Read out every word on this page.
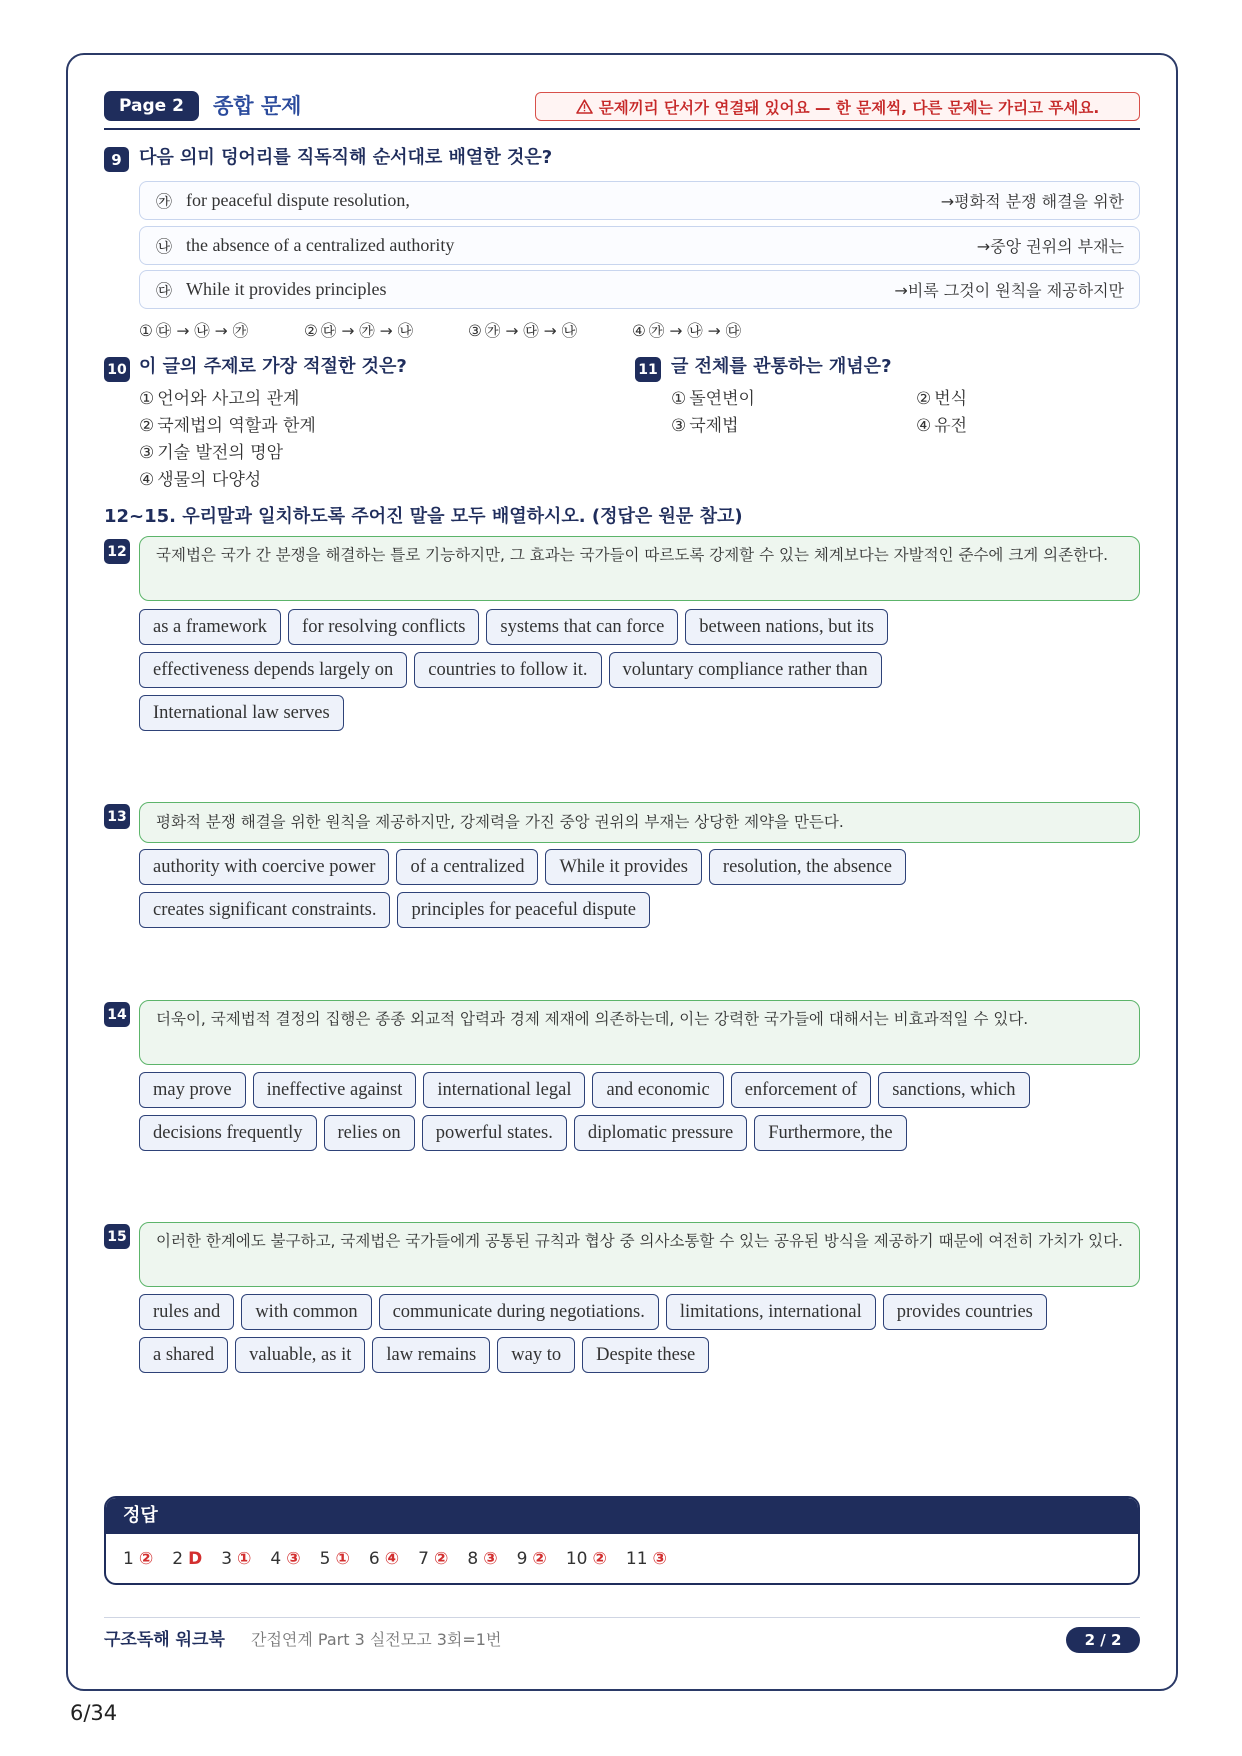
Page 2	종합 문제	문제끼리 단서가 연결돼 있어요 — 한 문제씩, 다른 문제는 가리고 푸세요.
9 다음 의미 덩어리를 직독직해 순서대로 배열한 것은?
㉮ for peaceful dispute resolution,	→평화적 분쟁 해결을 위한
㉯ the absence of a centralized authority	→중앙 권위의 부재는
㉰ While it provides principles	→비록 그것이 원칙을 제공하지만
① ㉰ → ㉯ → ㉮	② ㉰ → ㉮ → ㉯	③ ㉮ → ㉰ → ㉯	④ ㉮ → ㉯ → ㉰
10 이 글의 주제로 가장 적절한 것은?
① 언어와 사고의 관계
② 국제법의 역할과 한계
③ 기술 발전의 명암
④ 생물의 다양성
11 글 전체를 관통하는 개념은?
① 돌연변이	② 번식
③ 국제법	④ 유전
12~15. 우리말과 일치하도록 주어진 말을 모두 배열하시오. (정답은 원문 참고)
12	국제법은 국가 간 분쟁을 해결하는 틀로 기능하지만, 그 효과는 국가들이 따르도록 강제할 수 있는 체계보다는 자발적인 준수에 크게 의존한다.
as a framework	for resolving conflicts	systems that can force	between nations, but its
effectiveness depends largely on	countries to follow it.	voluntary compliance rather than
International law serves
13	평화적 분쟁 해결을 위한 원칙을 제공하지만, 강제력을 가진 중앙 권위의 부재는 상당한 제약을 만든다.
authority with coercive power	of a centralized	While it provides	resolution, the absence
creates significant constraints.	principles for peaceful dispute
14	더욱이, 국제법적 결정의 집행은 종종 외교적 압력과 경제 제재에 의존하는데, 이는 강력한 국가들에 대해서는 비효과적일 수 있다.
may prove	ineffective against	international legal	and economic	enforcement of	sanctions, which
decisions frequently	relies on	powerful states.	diplomatic pressure	Furthermore, the
15	이러한 한계에도 불구하고, 국제법은 국가들에게 공통된 규칙과 협상 중 의사소통할 수 있는 공유된 방식을 제공하기 때문에 여전히 가치가 있다.
rules and	with common	communicate during negotiations.	limitations, international	provides countries
a shared	valuable, as it	law remains	way to	Despite these
정답
1 ② 2 D 3 ① 4 ③ 5 ① 6 ④ 7 ② 8 ③ 9 ② 10 ② 11 ③
구조독해 워크북 간접연계 Part 3 실전모고 3회=1번	2 / 2
6/34
